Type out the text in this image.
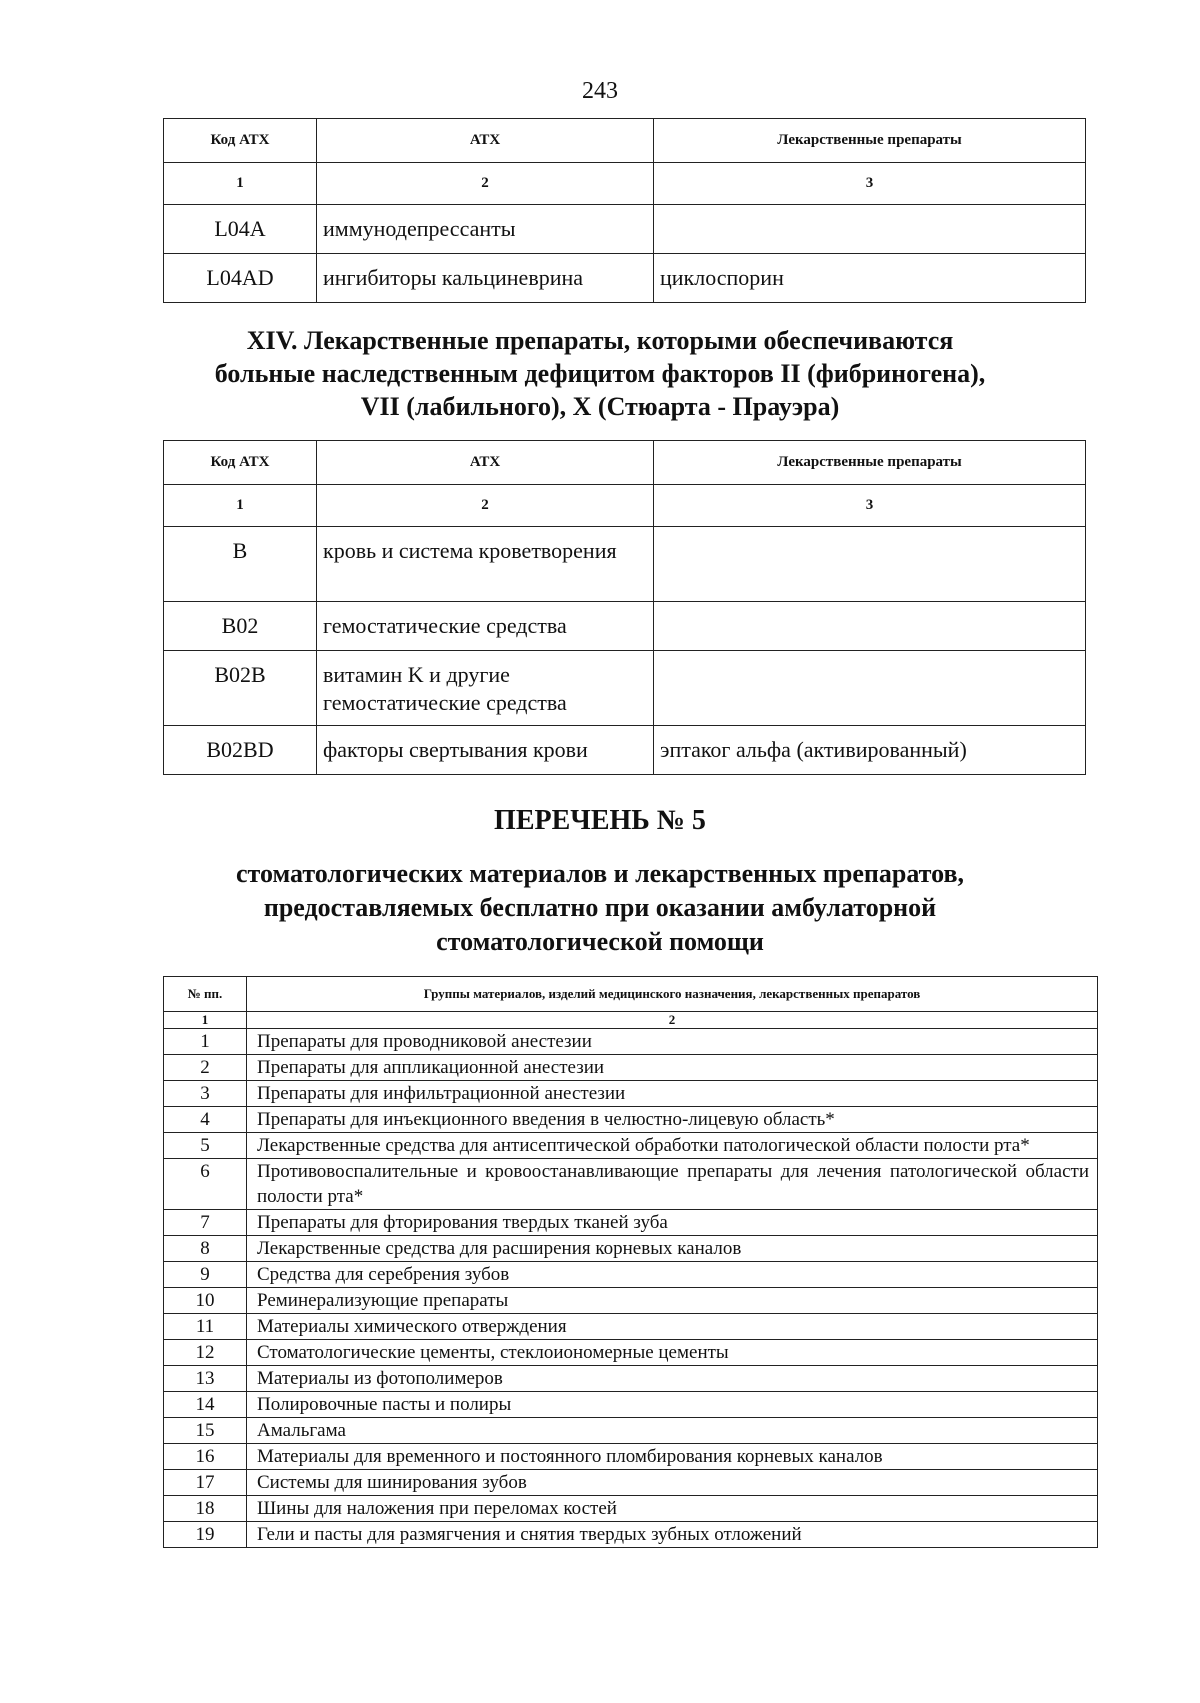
243
Код АТХ	АТХ	Лекарственные препараты
1	2	3
L04A	иммунодепрессанты	
L04AD	ингибиторы кальциневрина	циклоспорин
XIV. Лекарственные препараты, которыми обеспечиваются
больные наследственным дефицитом факторов II (фибриногена),
VII (лабильного), X (Стюарта - Прауэра)
Код АТХ	АТХ	Лекарственные препараты
1	2	3
B	кровь и система кроветворения	
B02	гемостатические средства	
B02B	витамин K и другие гемостатические средства	
B02BD	факторы свертывания крови	эптаког альфа (активированный)
ПЕРЕЧЕНЬ № 5
стоматологических материалов и лекарственных препаратов,
предоставляемых бесплатно при оказании амбулаторной
стоматологической помощи
№ пп.	Группы материалов, изделий медицинского назначения, лекарственных препаратов
1	2
1	Препараты для проводниковой анестезии
2	Препараты для аппликационной анестезии
3	Препараты для инфильтрационной анестезии
4	Препараты для инъекционного введения в челюстно-лицевую область*
5	Лекарственные средства для антисептической обработки патологической области полости рта*
6	Противовоспалительные и кровоостанавливающие препараты для лечения патологической области полости рта*
7	Препараты для фторирования твердых тканей зуба
8	Лекарственные средства для расширения корневых каналов
9	Средства для серебрения зубов
10	Реминерализующие препараты
11	Материалы химического отверждения
12	Стоматологические цементы, стеклоиономерные цементы
13	Материалы из фотополимеров
14	Полировочные пасты и полиры
15	Амальгама
16	Материалы для временного и постоянного пломбирования корневых каналов
17	Системы для шинирования зубов
18	Шины для наложения при переломах костей
19	Гели и пасты для размягчения и снятия твердых зубных отложений
